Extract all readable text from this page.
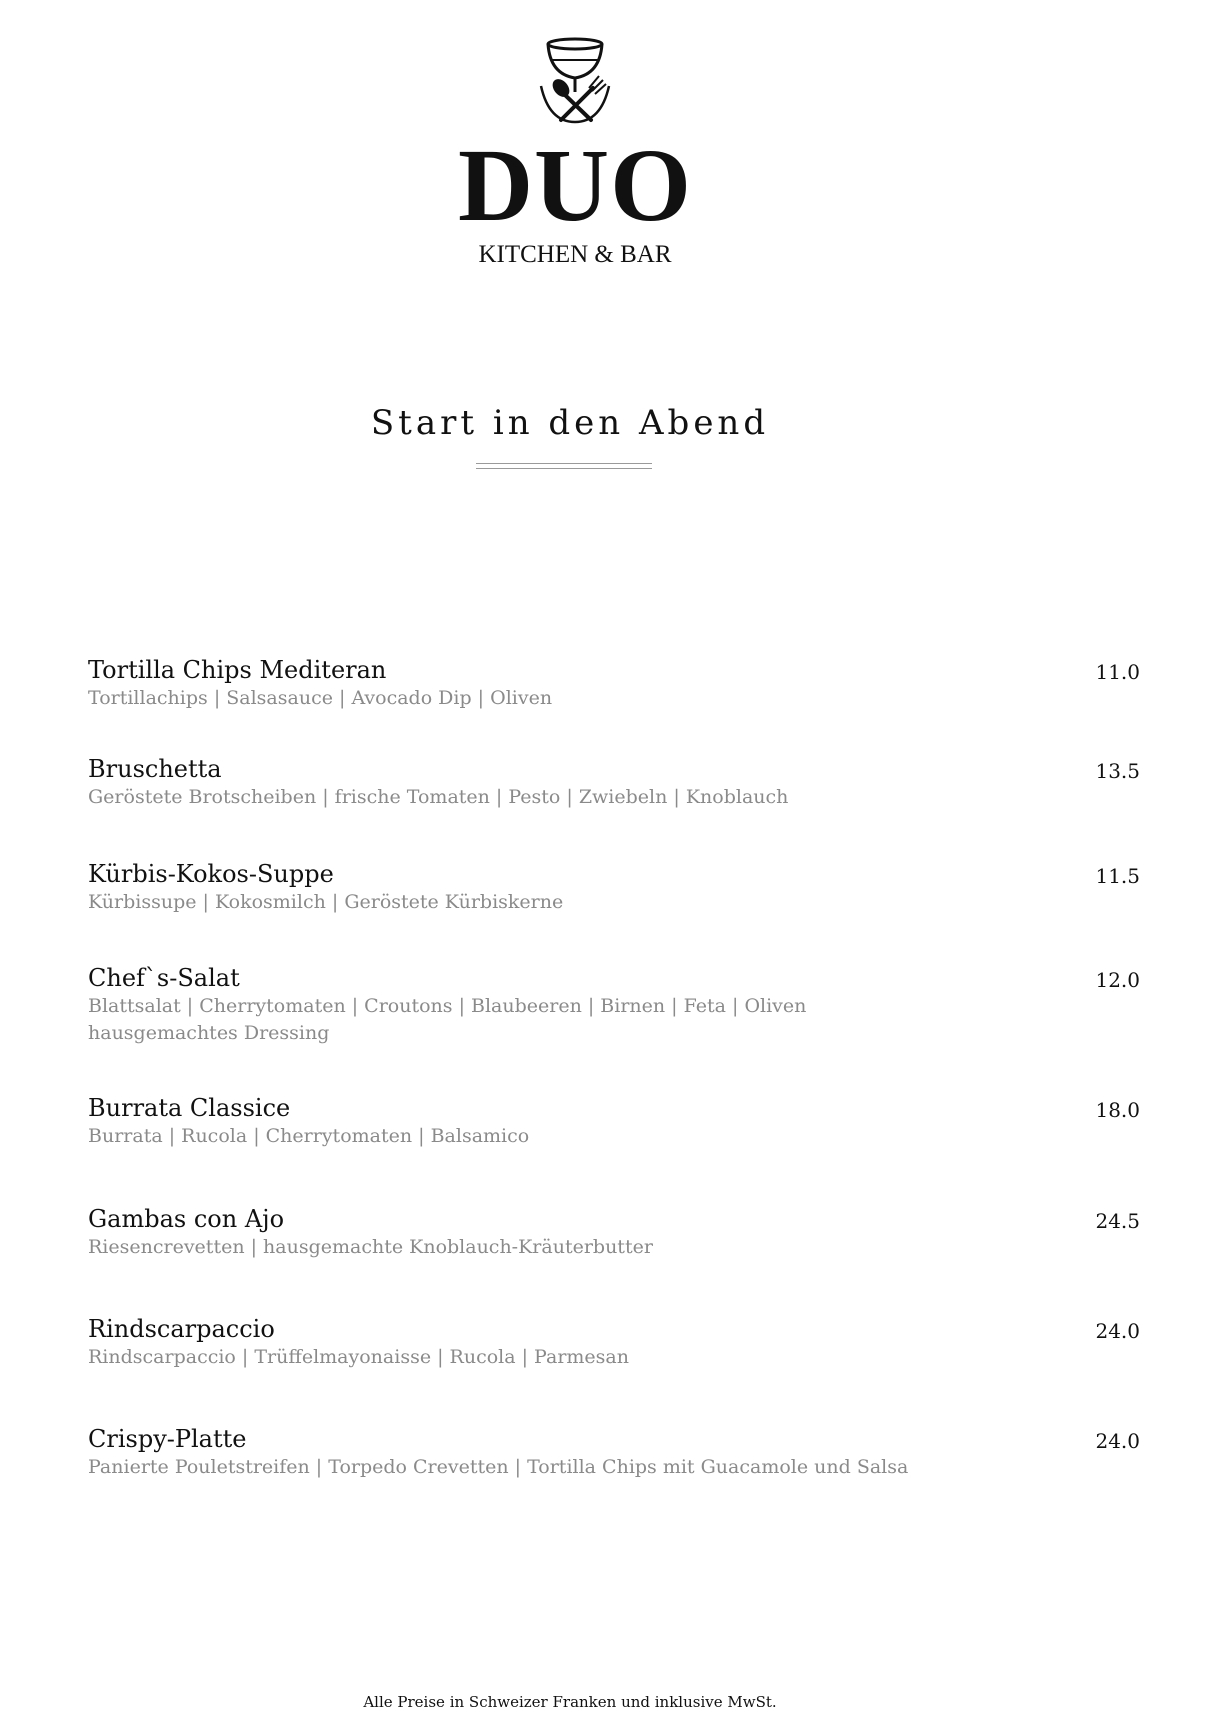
DUO
KITCHEN & BAR
Start in den Abend
Tortilla Chips Mediteran	11.0
Tortillachips | Salsasauce | Avocado Dip | Oliven
Bruschetta	13.5
Geröstete Brotscheiben | frische Tomaten | Pesto | Zwiebeln | Knoblauch
Kürbis-Kokos-Suppe	11.5
Kürbissupe | Kokosmilch | Geröstete Kürbiskerne
Chef`s-Salat	12.0
Blattsalat | Cherrytomaten | Croutons | Blaubeeren | Birnen | Feta | Oliven
hausgemachtes Dressing
Burrata Classice	18.0
Burrata | Rucola | Cherrytomaten | Balsamico
Gambas con Ajo	24.5
Riesencrevetten | hausgemachte Knoblauch-Kräuterbutter
Rindscarpaccio	24.0
Rindscarpaccio | Trüffelmayonaisse | Rucola | Parmesan
Crispy-Platte	24.0
Panierte Pouletstreifen | Torpedo Crevetten | Tortilla Chips mit Guacamole und Salsa
Alle Preise in Schweizer Franken und inklusive MwSt.
